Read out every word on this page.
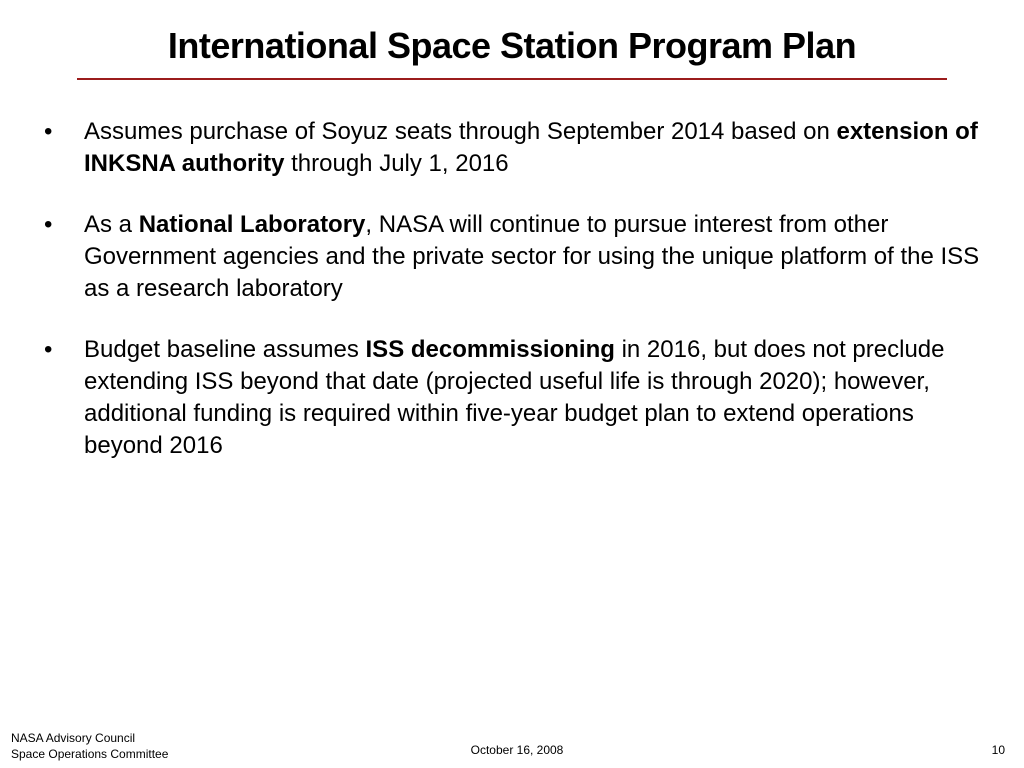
International Space Station Program Plan
•	Assumes purchase of Soyuz seats through September 2014 based on extension of INKSNA authority through July 1, 2016
•	As a National Laboratory, NASA will continue to pursue interest from other Government agencies and the private sector for using the unique platform of the ISS as a research laboratory
•	Budget baseline assumes ISS decommissioning in 2016, but does not preclude extending ISS beyond that date (projected useful life is through 2020); however, additional funding is required within five-year budget plan to extend operations beyond 2016
NASA Advisory Council
Space Operations Committee	October 16, 2008	10
